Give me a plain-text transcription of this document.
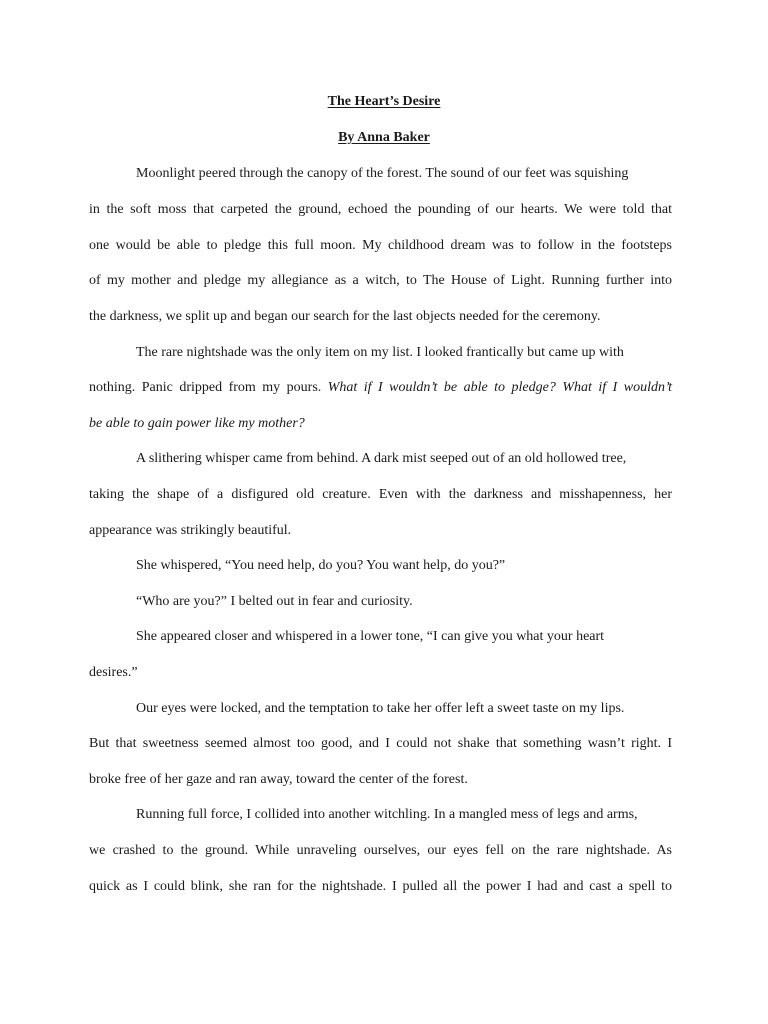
The Heart’s Desire
By Anna Baker
Moonlight peered through the canopy of the forest. The sound of our feet was squishing
in the soft moss that carpeted the ground, echoed the pounding of our hearts. We were told that
one would be able to pledge this full moon. My childhood dream was to follow in the footsteps
of my mother and pledge my allegiance as a witch, to The House of Light. Running further into
the darkness, we split up and began our search for the last objects needed for the ceremony.
The rare nightshade was the only item on my list. I looked frantically but came up with
nothing. Panic dripped from my pours. What if I wouldn’t be able to pledge? What if I wouldn’t
be able to gain power like my mother?
A slithering whisper came from behind. A dark mist seeped out of an old hollowed tree,
taking the shape of a disfigured old creature. Even with the darkness and misshapenness, her
appearance was strikingly beautiful.
She whispered, “You need help, do you? You want help, do you?”
“Who are you?” I belted out in fear and curiosity.
She appeared closer and whispered in a lower tone, “I can give you what your heart
desires.”
Our eyes were locked, and the temptation to take her offer left a sweet taste on my lips.
But that sweetness seemed almost too good, and I could not shake that something wasn’t right. I
broke free of her gaze and ran away, toward the center of the forest.
Running full force, I collided into another witchling. In a mangled mess of legs and arms,
we crashed to the ground. While unraveling ourselves, our eyes fell on the rare nightshade. As
quick as I could blink, she ran for the nightshade. I pulled all the power I had and cast a spell to
